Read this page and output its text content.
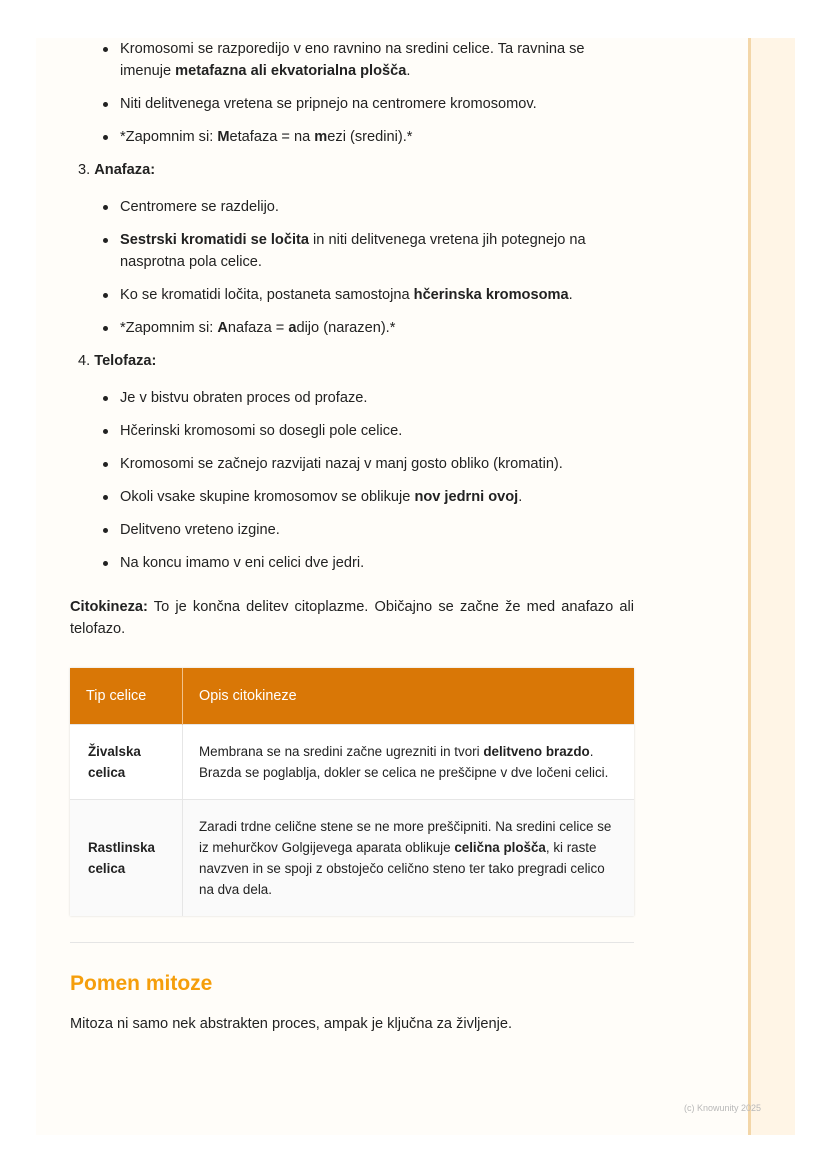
Kromosomi se razporedijo v eno ravnino na sredini celice. Ta ravnina se imenuje metafazna ali ekvatorialna plošča.
Niti delitvenega vretena se pripnejo na centromere kromosomov.
*Zapomnim si: Metafaza = na mezi (sredini).*
3. Anafaza:
Centromere se razdelijo.
Sestrski kromatidi se ločita in niti delitvenega vretena jih potegnejo na nasprotna pola celice.
Ko se kromatidi ločita, postaneta samostojna hčerinska kromosoma.
*Zapomnim si: Anafaza = adijo (narazen).*
4. Telofaza:
Je v bistvu obraten proces od profaze.
Hčerinski kromosomi so dosegli pole celice.
Kromosomi se začnejo razvijati nazaj v manj gosto obliko (kromatin).
Okoli vsake skupine kromosomov se oblikuje nov jedrni ovoj.
Delitveno vreteno izgine.
Na koncu imamo v eni celici dve jedri.

Citokineza: To je končna delitev citoplazme. Običajno se začne že med anafazo ali telofazo.

Tip celice	Opis citokineze
Živalska celica	Membrana se na sredini začne ugrezniti in tvori delitveno brazdo. Brazda se poglablja, dokler se celica ne preščipne v dve ločeni celici.
Rastlinska celica	Zaradi trdne celične stene se ne more preščipniti. Na sredini celice se iz mehurčkov Golgijevega aparata oblikuje celična plošča, ki raste navzven in se spoji z obstoječo celično steno ter tako pregradi celico na dva dela.
Pomen mitoze

Mitoza ni samo nek abstrakten proces, ampak je ključna za življenje.

(c) Knowunity 2025
